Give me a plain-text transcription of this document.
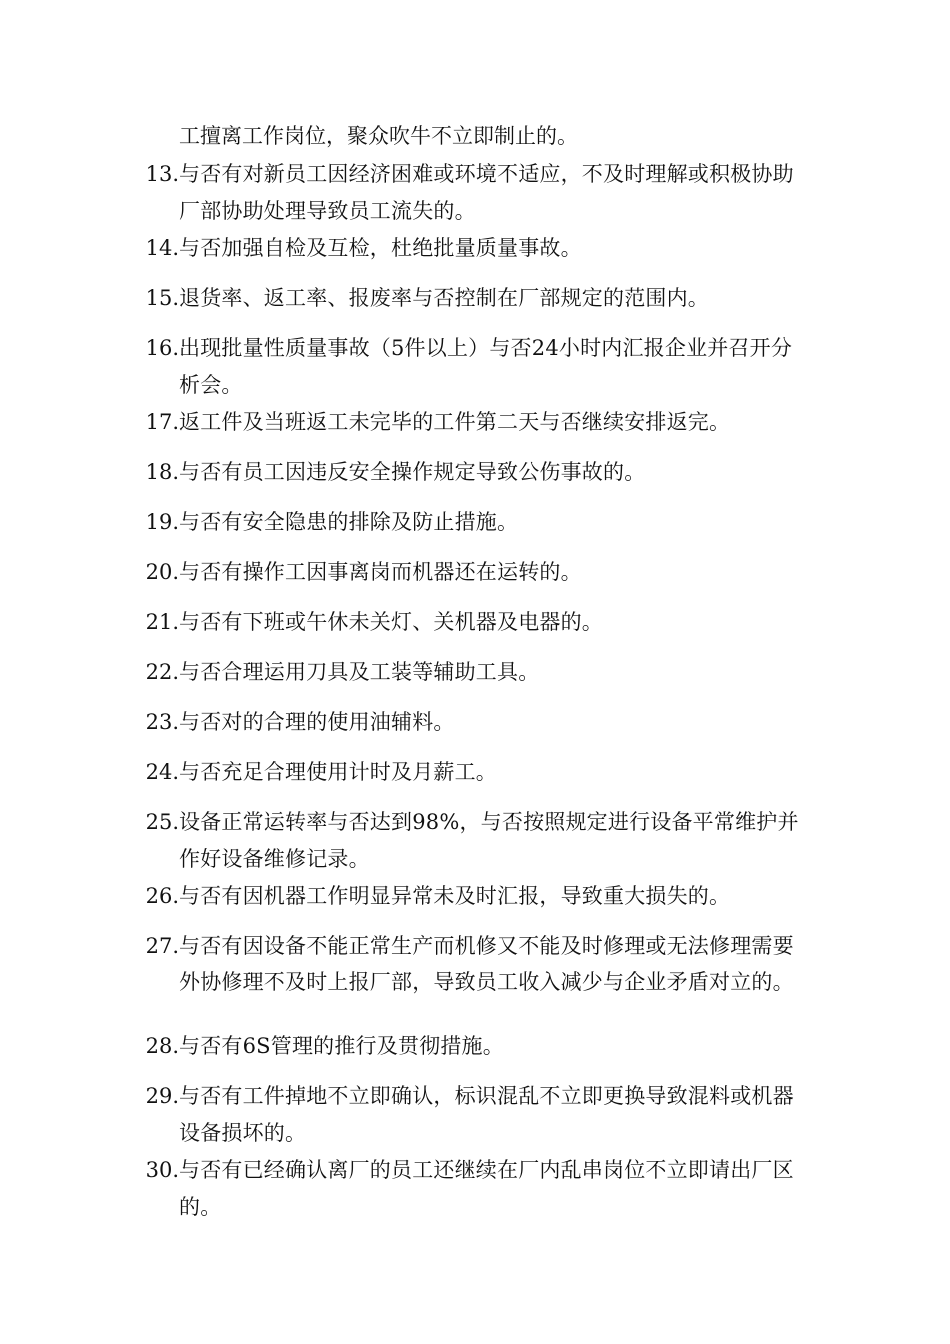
工擅离工作岗位，聚众吹牛不立即制止的。
13. 与否有对新员工因经济困难或环境不适应，不及时理解或积极协助厂部协助处理导致员工流失的。
14. 与否加强自检及互检，杜绝批量质量事故。
15. 退货率、返工率、报废率与否控制在厂部规定的范围内。
16. 出现批量性质量事故（5件以上）与否24小时内汇报企业并召开分析会。
17. 返工件及当班返工未完毕的工件第二天与否继续安排返完。
18. 与否有员工因违反安全操作规定导致公伤事故的。
19. 与否有安全隐患的排除及防止措施。
20. 与否有操作工因事离岗而机器还在运转的。
21. 与否有下班或午休未关灯、关机器及电器的。
22. 与否合理运用刀具及工装等辅助工具。
23. 与否对的合理的使用油辅料。
24. 与否充足合理使用计时及月薪工。
25. 设备正常运转率与否达到98%，与否按照规定进行设备平常维护并作好设备维修记录。
26. 与否有因机器工作明显异常未及时汇报，导致重大损失的。
27. 与否有因设备不能正常生产而机修又不能及时修理或无法修理需要外协修理不及时上报厂部，导致员工收入减少与企业矛盾对立的。
28. 与否有6S管理的推行及贯彻措施。
29. 与否有工件掉地不立即确认，标识混乱不立即更换导致混料或机器设备损坏的。
30. 与否有已经确认离厂的员工还继续在厂内乱串岗位不立即请出厂区的。
